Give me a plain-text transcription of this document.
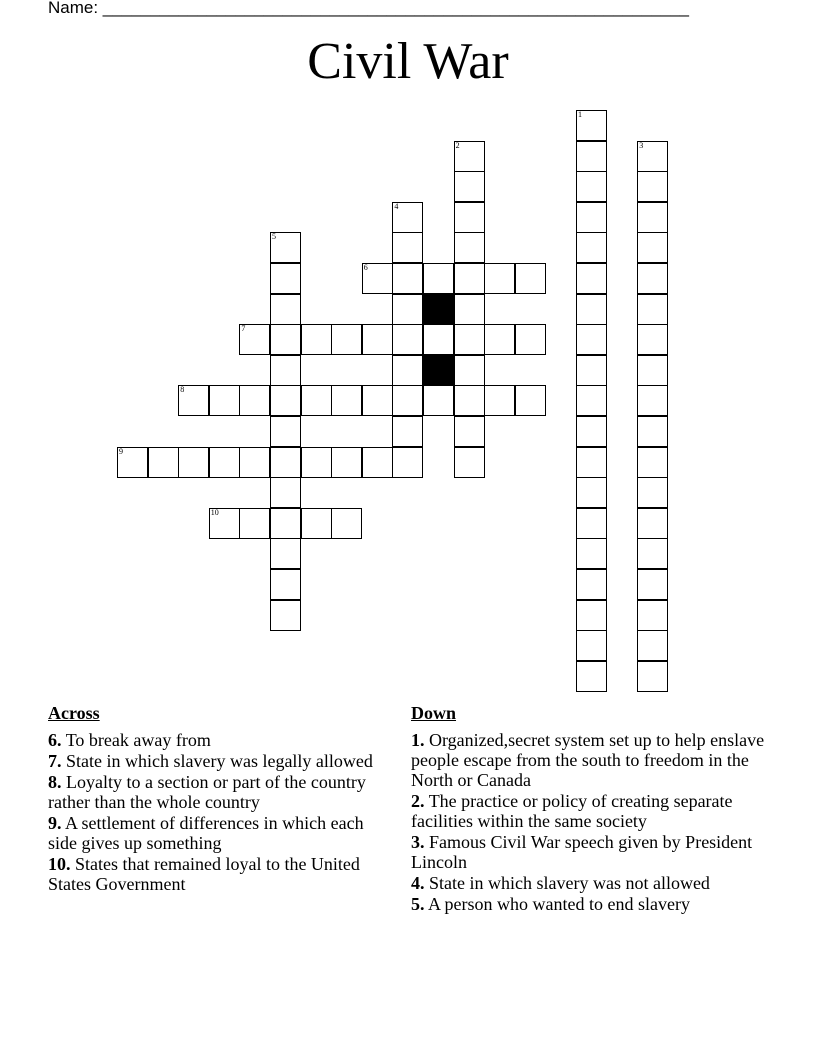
Name: ______________________________________________________________
Civil War
6
7
8
9
10
1
2	3
4
5
Across
6. To break away from
7. State in which slavery was legally allowed
8. Loyalty to a section or part of the country rather than the whole country
9. A settlement of differences in which each side gives up something
10. States that remained loyal to the United States Government
Down
1. Organized,secret system set up to help enslave people escape from the south to freedom in the North or Canada
2. The practice or policy of creating separate facilities within the same society
3. Famous Civil War speech given by President Lincoln
4. State in which slavery was not allowed
5. A person who wanted to end slavery
